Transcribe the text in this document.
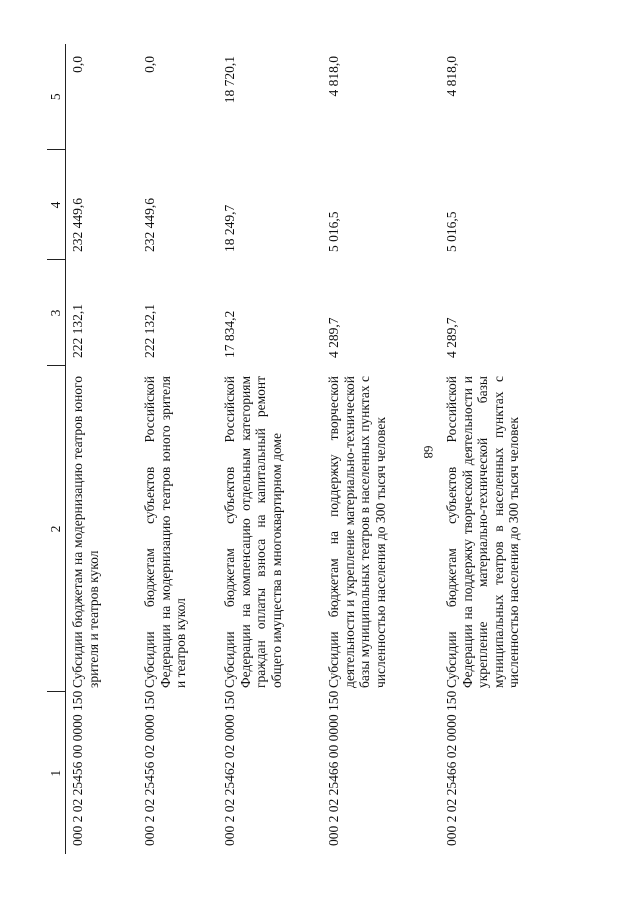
68
1	2	3	4	5
000 2 02 25456 00 0000 150	Субсидии бюджетам на модернизацию театров юного зрителя и театров кукол	222 132,1	232 449,6	0,0
000 2 02 25456 02 0000 150	Субсидии бюджетам субъектов Российской Федерации на модернизацию театров юного зрителя и театров кукол	222 132,1	232 449,6	0,0
000 2 02 25462 02 0000 150	Субсидии бюджетам субъектов Российской Федерации на компенсацию отдельным категориям граждан оплаты взноса на капитальный ремонт общего имущества в многоквартирном доме	17 834,2	18 249,7	18 720,1
000 2 02 25466 00 0000 150	Субсидии бюджетам на поддержку творческой деятельности и укрепление материально-технической базы муниципальных театров в населенных пунктах с численностью населения до 300 тысяч человек	4 289,7	5 016,5	4 818,0
000 2 02 25466 02 0000 150	Субсидии бюджетам субъектов Российской Федерации на поддержку творческой деятельности и укрепление материально-технической базы муниципальных театров в населенных пунктах с численностью населения до 300 тысяч человек	4 289,7	5 016,5	4 818,0
